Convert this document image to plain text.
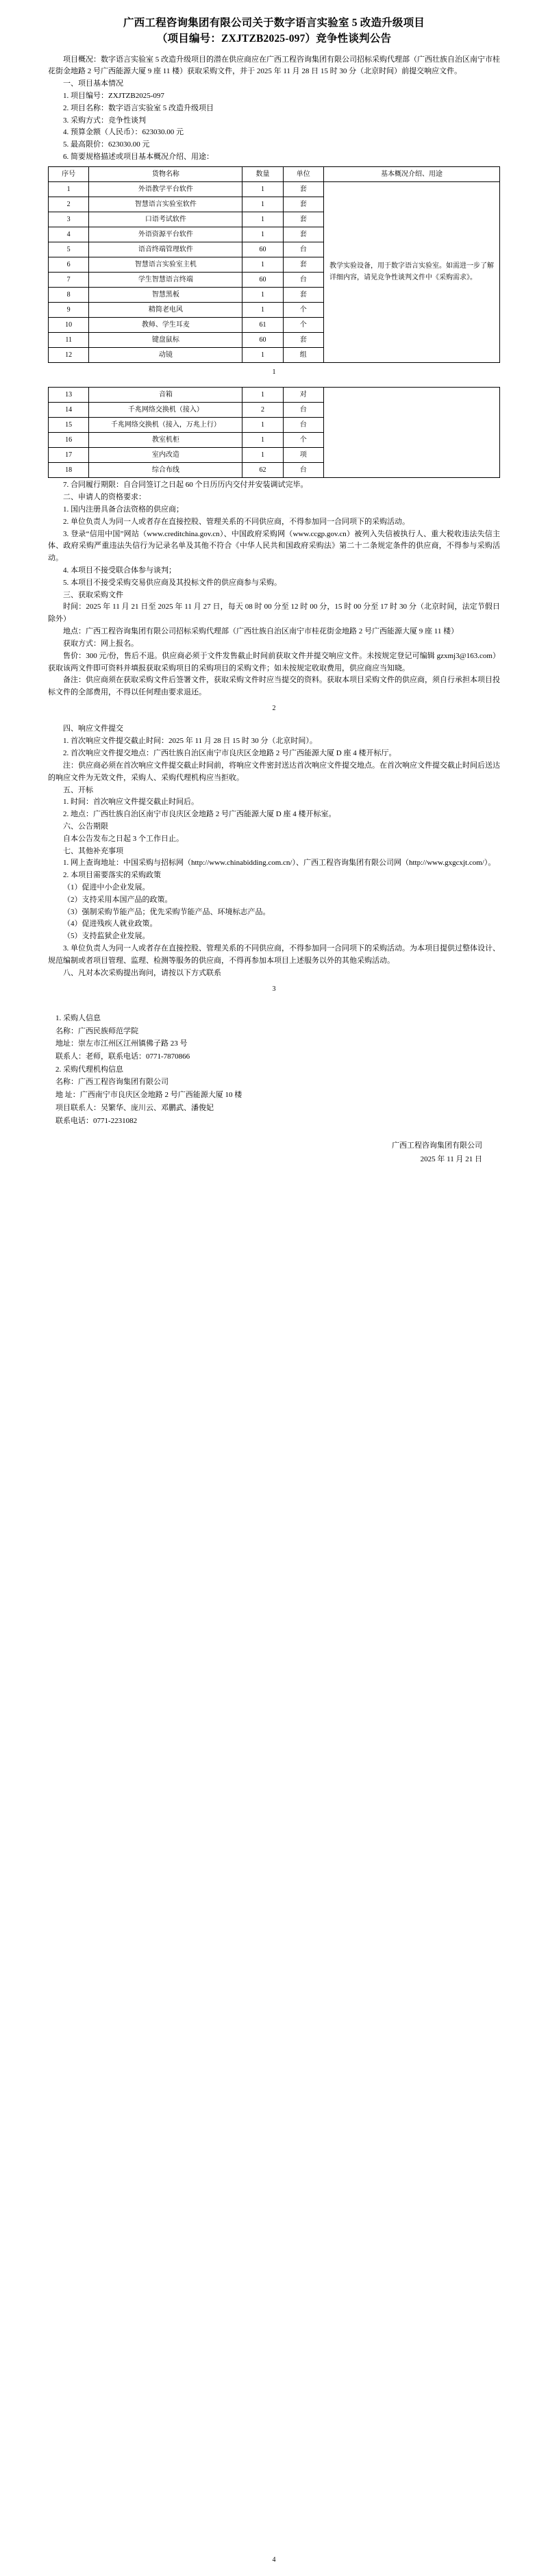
广西工程咨询集团有限公司关于数字语言实验室 5 改造升级项目
（项目编号：ZXJTZB2025-097）竞争性谈判公告

项目概况：数字语言实验室 5 改造升级项目的潜在供应商应在广西工程咨询集团有限公司招标采购代理部（广西壮族自治区南宁市桂花街金地路 2 号广西能源大厦 9 座 11 楼）获取采购文件，并于 2025 年 11 月 28 日 15 时 30 分（北京时间）前提交响应文件。

一、项目基本情况

1. 项目编号：ZXJTZB2025-097

2. 项目名称：数字语言实验室 5 改造升级项目

3. 采购方式：竞争性谈判

4. 预算金额（人民币）：623030.00 元

5. 最高限价：623030.00 元

6. 简要规格描述或项目基本概况介绍、用途：

序号	货物名称	数量	单位	基本概况介绍、用途
1	外语教学平台软件	1	套	教学实验设备，用于数字语言实验室。如需进一步了解详细内容，请见竞争性谈判文件中《采购需求》。
2	智慧语言实验室软件	1	套	
3	口语考试软件	1	套	
4	外语资源平台软件	1	套	
5	语音终端管理软件	60	台	
6	智慧语言实验室主机	1	套	
7	学生智慧语言终端	60	台	
8	智慧黑板	1	套	
9	精简老电风	1	个	
10	教师、学生耳麦	61	个	
11	键盘鼠标	60	套	
12	动镜	1	组	
1
13	音箱	1	对	
14	千兆网络交换机（接入）	2	台	
15	千兆网络交换机（接入，万兆上行）	1	台	
16	教室机柜	1	个	
17	室内改造	1	项	
18	综合布线	62	台	

7. 合同履行期限：自合同签订之日起 60 个日历历内交付并安装调试完毕。

二、申请人的资格要求：

1. 国内注册具备合法资格的供应商；

2. 单位负责人为同一人或者存在直接控股、管理关系的不同供应商，不得参加同一合同项下的采购活动。

3. 登录“信用中国”网站（www.creditchina.gov.cn）、中国政府采购网（www.ccgp.gov.cn）被列入失信被执行人、重大税收违法失信主体、政府采购严重违法失信行为记录名单及其他不符合《中华人民共和国政府采购法》第二十二条规定条件的供应商，不得参与采购活动。

4. 本项目不接受联合体参与谈判；

5. 本项目不接受采购交易供应商及其投标文件的供应商参与采购。

三、获取采购文件

时间：2025 年 11 月 21 日至 2025 年 11 月 27 日，每天 08 时 00 分至 12 时 00 分，15 时 00 分至 17 时 30 分（北京时间，法定节假日除外）

地点：广西工程咨询集团有限公司招标采购代理部（广西壮族自治区南宁市桂花街金地路 2 号广西能源大厦 9 座 11 楼）

获取方式：网上报名。

售价：300 元/份，售后不退。供应商必须于文件发售截止时间前获取文件并提交响应文件。未按规定登记可编辑 gzxmj3@163.com）获取该两文件即可资料并填报获取采购项目的采购项目的采购文件；如未按规定收取费用，供应商应当知晓。

备注：供应商须在获取采购文件后签署文件，获取采购文件时应当提交的资料。获取本项目采购文件的供应商，须自行承担本项目投标文件的全部费用，不得以任何理由要求退还。

2

四、响应文件提交

1. 首次响应文件提交截止时间：2025 年 11 月 28 日 15 时 30 分（北京时间）。

2. 首次响应文件提交地点：广西壮族自治区南宁市良庆区金地路 2 号广西能源大厦 D 座 4 楼开标厅。

注：供应商必须在首次响应文件提交截止时间前，将响应文件密封送达首次响应文件提交地点。在首次响应文件提交截止时间后送达的响应文件为无效文件，采购人、采购代理机构应当拒收。

五、开标

1. 时间：首次响应文件提交截止时间后。

2. 地点：广西壮族自治区南宁市良庆区金地路 2 号广西能源大厦 D 座 4 楼开标室。

六、公告期限

自本公告发布之日起 3 个工作日止。

七、其他补充事项

1. 网上查询地址：中国采购与招标网（http://www.chinabidding.com.cn/）、广西工程咨询集团有限公司网（http://www.gxgcxjt.com/）。

2. 本项目需要落实的采购政策

（1）促进中小企业发展。

（2）支持采用本国产品的政策。

（3）强制采购节能产品；优先采购节能产品、环境标志产品。

（4）促进残疾人就业政策。

（5）支持监狱企业发展。

3. 单位负责人为同一人或者存在直接控股、管理关系的不同供应商，不得参加同一合同项下的采购活动。为本项目提供过整体设计、规范编制或者项目管理、监理、检测等服务的供应商，不得再参加本项目上述服务以外的其他采购活动。

八、凡对本次采购提出询问，请按以下方式联系

3

1. 采购人信息

名称：广西民族师范学院

地址：崇左市江州区江州镇佛子路 23 号

联系人：老师，联系电话：0771-7870866

2. 采购代理机构信息

名称：广西工程咨询集团有限公司

地 址：广西南宁市良庆区金地路 2 号广西能源大厦 10 楼

项目联系人：吴繁华、庞川云、邓鹏武、潘俊妃

联系电话：0771-2231082

广西工程咨询集团有限公司
2025 年 11 月 21 日
4
